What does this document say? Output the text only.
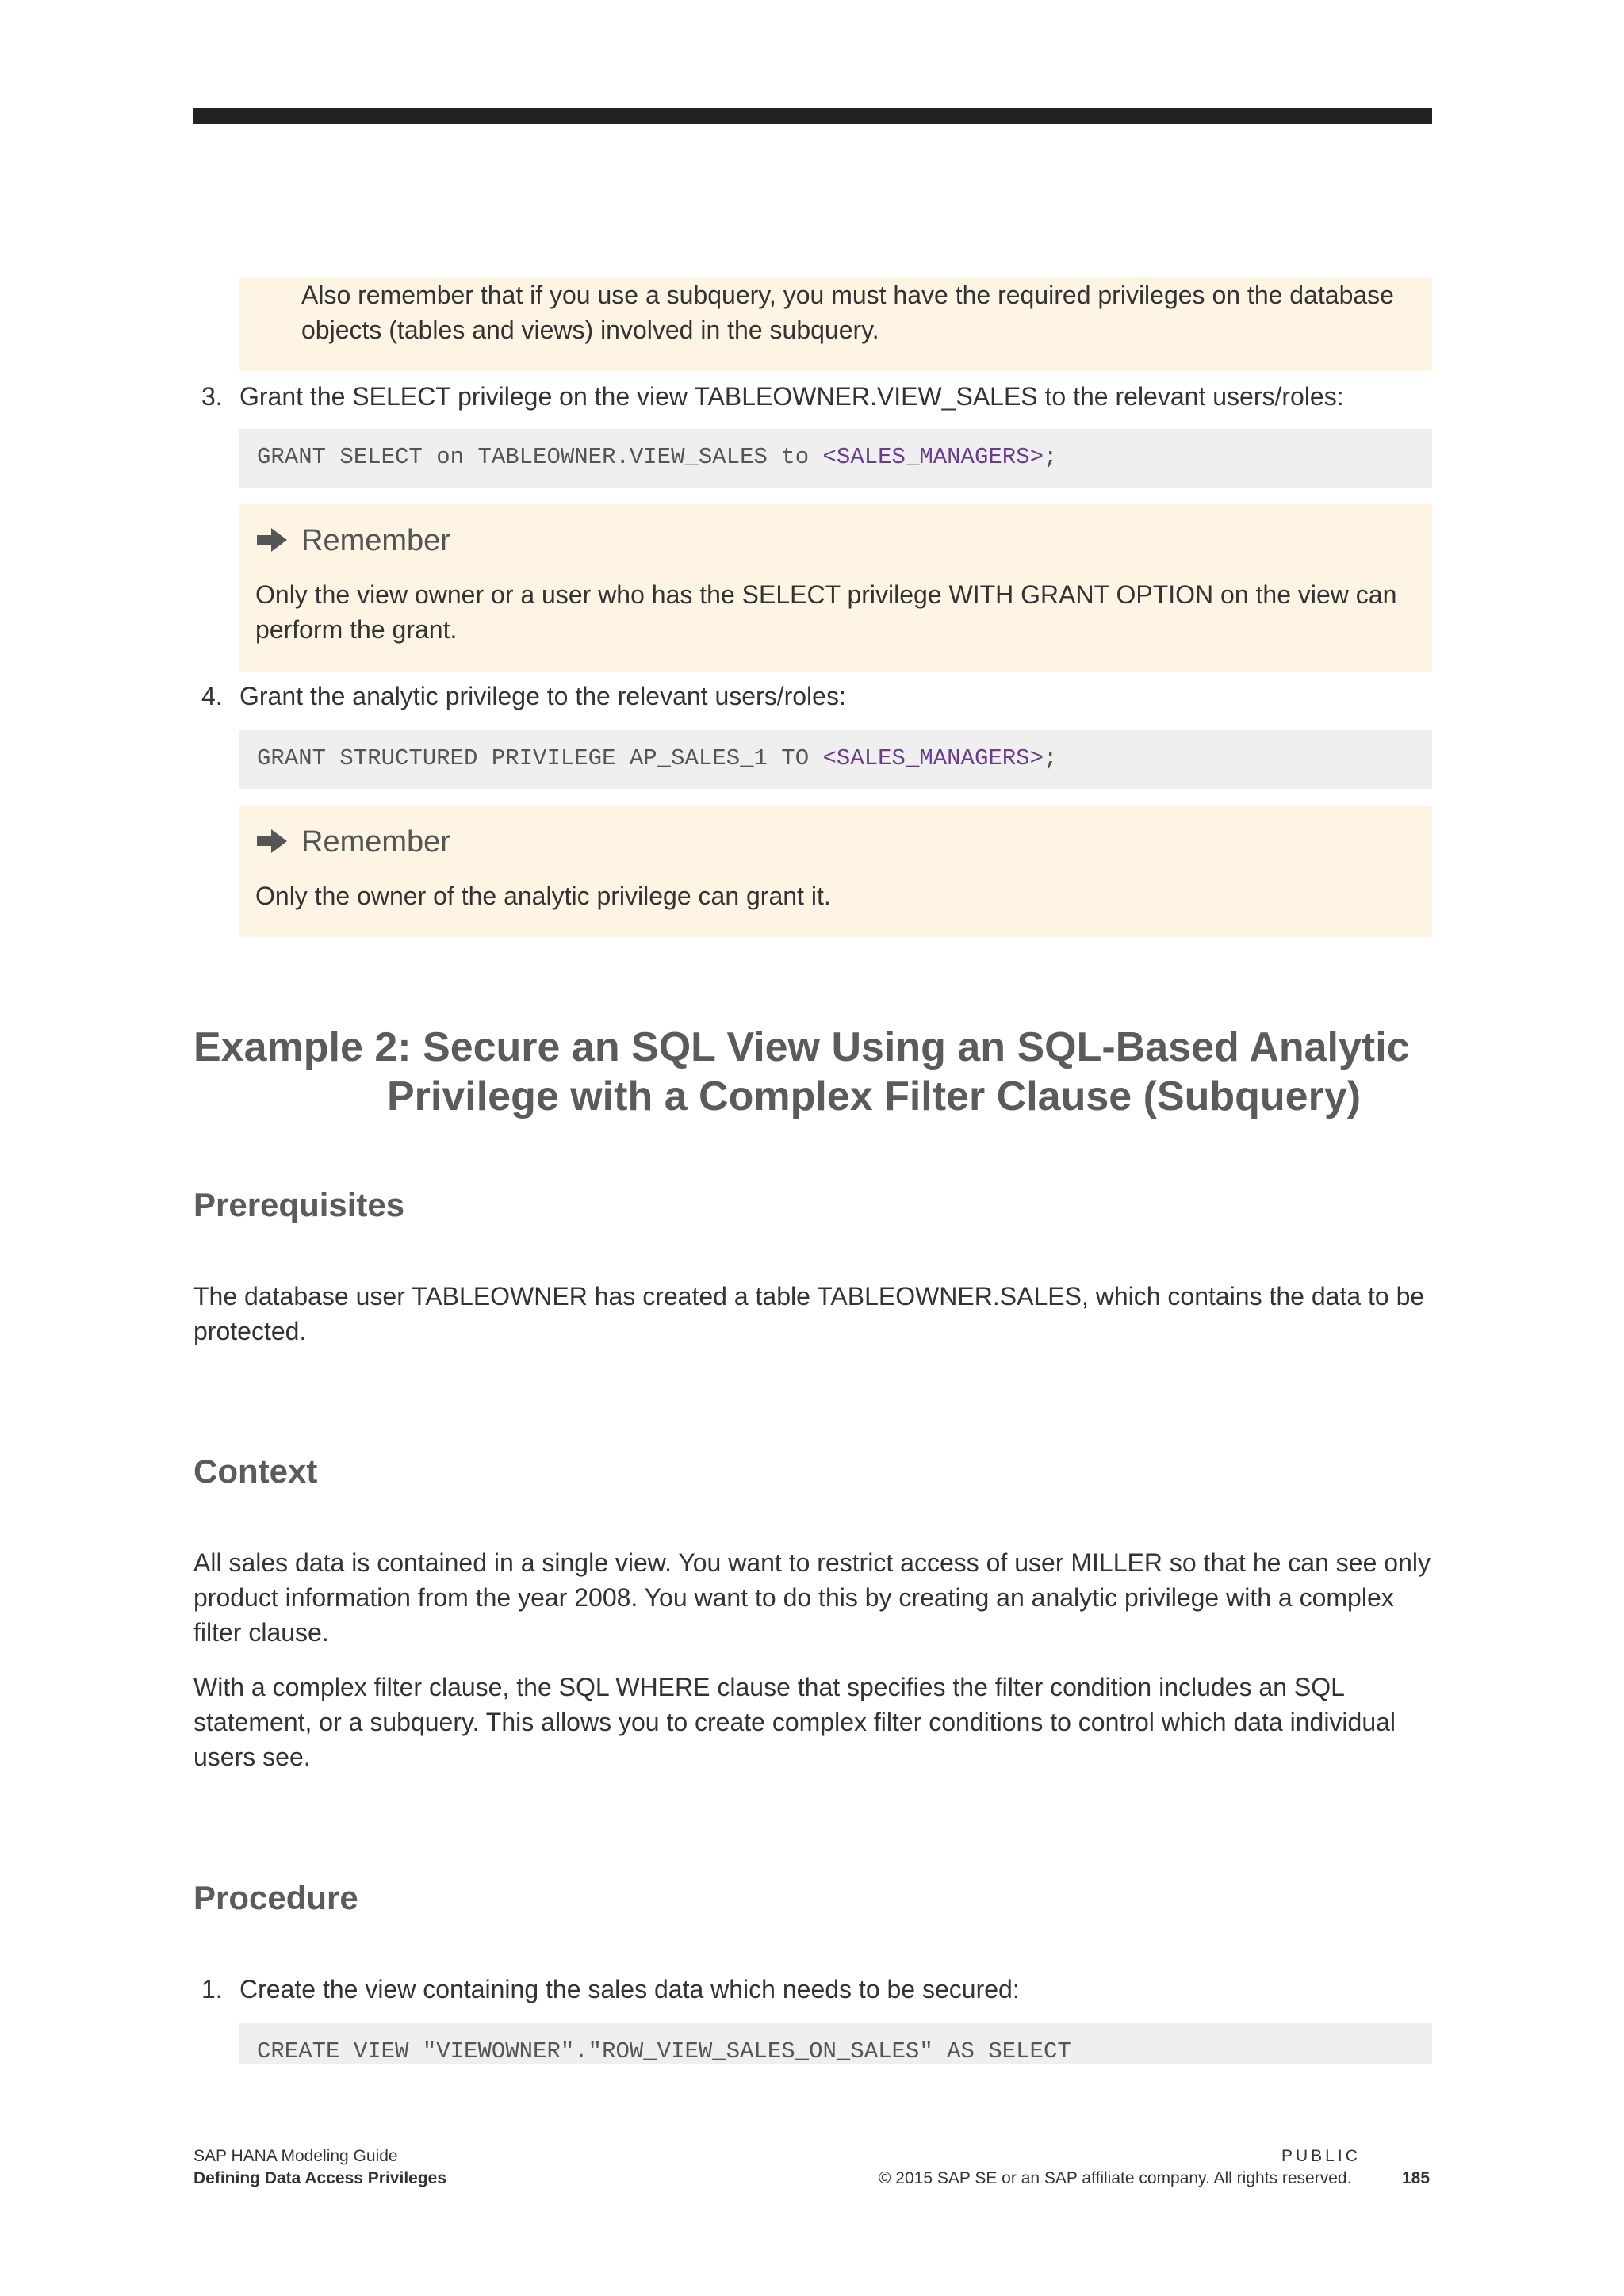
Also remember that if you use a subquery, you must have the required privileges on the database objects (tables and views) involved in the subquery.

3. Grant the SELECT privilege on the view TABLEOWNER.VIEW_SALES to the relevant users/roles:
GRANT SELECT on TABLEOWNER.VIEW_SALES to <SALES_MANAGERS>;
Remember
Only the view owner or a user who has the SELECT privilege WITH GRANT OPTION on the view can perform the grant.
4. Grant the analytic privilege to the relevant users/roles:
GRANT STRUCTURED PRIVILEGE AP_SALES_1 TO <SALES_MANAGERS>;
Remember
Only the owner of the analytic privilege can grant it.
Example 2: Secure an SQL View Using an SQL-Based Analytic
Privilege with a Complex Filter Clause (Subquery)
Prerequisites

The database user TABLEOWNER has created a table TABLEOWNER.SALES, which contains the data to be protected.

Context

All sales data is contained in a single view. You want to restrict access of user MILLER so that he can see only product information from the year 2008. You want to do this by creating an analytic privilege with a complex filter clause.

With a complex filter clause, the SQL WHERE clause that specifies the filter condition includes an SQL statement, or a subquery. This allows you to create complex filter conditions to control which data individual users see.

Procedure
1. Create the view containing the sales data which needs to be secured:
CREATE VIEW "VIEWOWNER"."ROW_VIEW_SALES_ON_SALES" AS SELECT
SAP HANA Modeling Guide
Defining Data Access Privileges
PUBLIC
© 2015 SAP SE or an SAP affiliate company. All rights reserved.	185
